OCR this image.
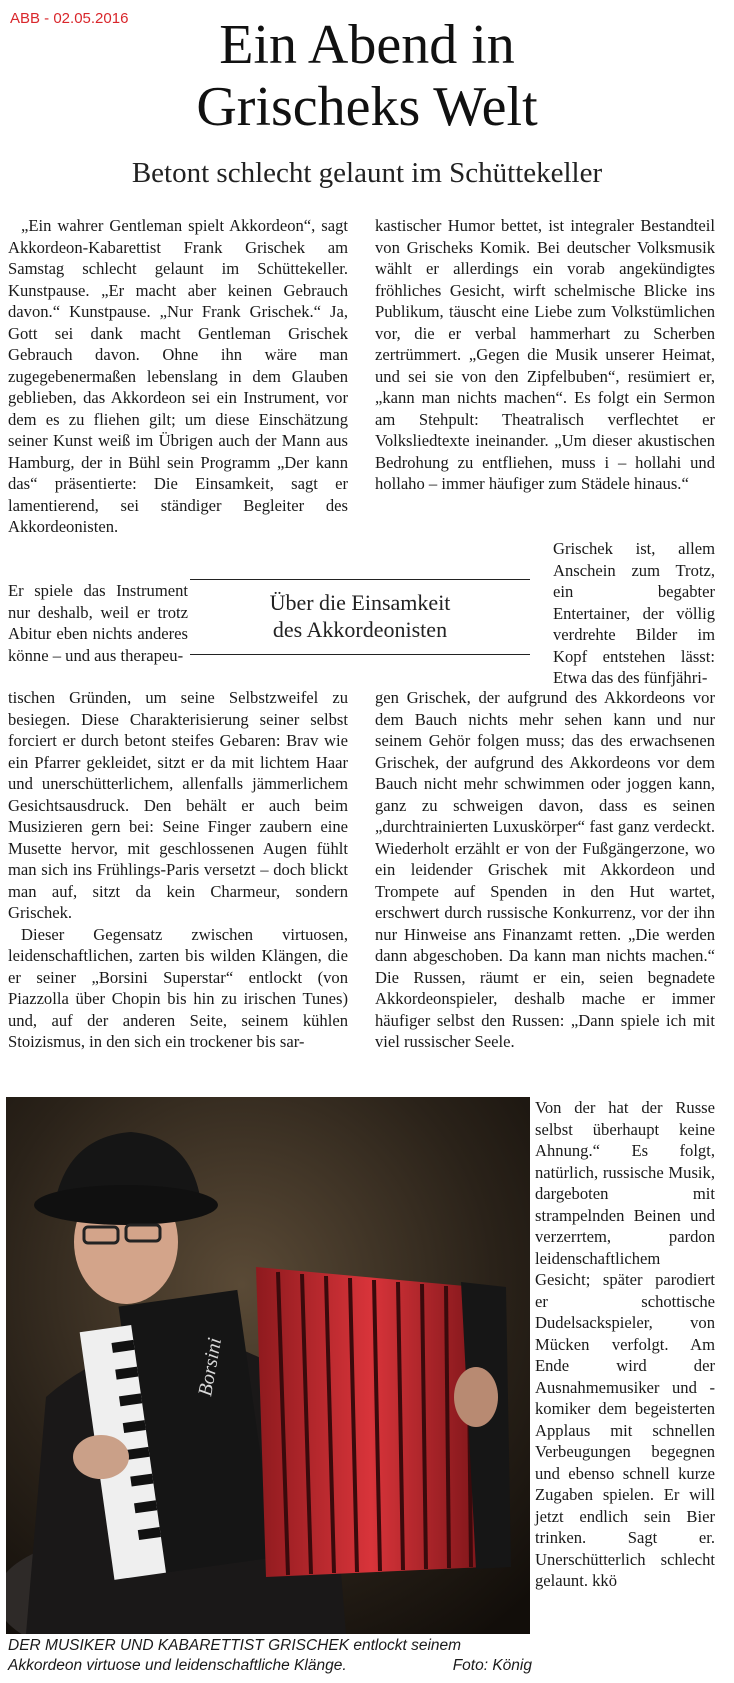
ABB - 02.05.2016	Ein Abend in
Grischeks Welt
Betont schlecht gelaunt im Schüttekeller

„Ein wahrer Gentleman spielt Akkordeon“, sagt Akkordeon-Kabarettist Frank Grischek am Samstag schlecht gelaunt im Schüttekeller. Kunstpause. „Er macht aber keinen Gebrauch davon.“ Kunstpause. „Nur Frank Grischek.“ Ja, Gott sei dank macht Gentleman Grischek Gebrauch davon. Ohne ihn wäre man zugegebenermaßen lebenslang in dem Glauben geblieben, das Akkordeon sei ein Instrument, vor dem es zu fliehen gilt; um diese Einschätzung seiner Kunst weiß im Übrigen auch der Mann aus Hamburg, der in Bühl sein Programm „Der kann das“ präsentierte: Die Einsamkeit, sagt er lamentierend, sei ständiger Begleiter des Akkordeonisten.

Er spiele das Instrument nur deshalb, weil er trotz Abitur eben nichts anderes könne – und aus therapeu-

Über die Einsamkeit
des Akkordeonisten

tischen Gründen, um seine Selbstzweifel zu besiegen. Diese Charakterisierung seiner selbst forciert er durch betont steifes Gebaren: Brav wie ein Pfarrer gekleidet, sitzt er da mit lichtem Haar und unerschütterlichem, allenfalls jämmerlichem Gesichtsausdruck. Den behält er auch beim Musizieren gern bei: Seine Finger zaubern eine Musette hervor, mit geschlossenen Augen fühlt man sich ins Frühlings-Paris versetzt – doch blickt man auf, sitzt da kein Charmeur, sondern Grischek.

Dieser Gegensatz zwischen virtuosen, leidenschaftlichen, zarten bis wilden Klängen, die er seiner „Borsini Superstar“ entlockt (von Piazzolla über Chopin bis hin zu irischen Tunes) und, auf der anderen Seite, seinem kühlen Stoizismus, in den sich ein trockener bis sar-

kastischer Humor bettet, ist integraler Bestandteil von Grischeks Komik. Bei deutscher Volksmusik wählt er allerdings ein vorab angekündigtes fröhliches Gesicht, wirft schelmische Blicke ins Publikum, täuscht eine Liebe zum Volkstümlichen vor, die er verbal hammerhart zu Scherben zertrümmert. „Gegen die Musik unserer Heimat, und sei sie von den Zipfelbuben“, resümiert er, „kann man nichts machen“. Es folgt ein Sermon am Stehpult: Theatralisch verflechtet er Volksliedtexte ineinander. „Um dieser akustischen Bedrohung zu entfliehen, muss i – hollahi und hollaho – immer häufiger zum Städele hinaus.“

Grischek ist, allem Anschein zum Trotz, ein begabter Entertainer, der völlig verdrehte Bilder im Kopf entstehen lässt: Etwa das des fünfjähri-

gen Grischek, der aufgrund des Akkordeons vor dem Bauch nichts mehr sehen kann und nur seinem Gehör folgen muss; das des erwachsenen Grischek, der aufgrund des Akkordeons vor dem Bauch nicht mehr schwimmen oder joggen kann, ganz zu schweigen davon, dass es seinen „durchtrainierten Luxuskörper“ fast ganz verdeckt. Wiederholt erzählt er von der Fußgängerzone, wo ein leidender Grischek mit Akkordeon und Trompete auf Spenden in den Hut wartet, erschwert durch russische Konkurrenz, vor der ihn nur Hinweise ans Finanzamt retten. „Die werden dann abgeschoben. Da kann man nichts machen.“ Die Russen, räumt er ein, seien begnadete Akkordeonspieler, deshalb mache er immer häufiger selbst den Russen: „Dann spiele ich mit viel russischer Seele.

Von der hat der Russe selbst überhaupt keine Ahnung.“ Es folgt, natürlich, russische Musik, dargeboten mit strampelnden Beinen und verzerrtem, pardon leidenschaftlichem Gesicht; später parodiert er schottische Dudelsackspieler, von Mücken verfolgt. Am Ende wird der Ausnahmemusiker und -komiker dem begeisterten Applaus mit schnellen Verbeugungen begegnen und ebenso schnell kurze Zugaben spielen. Er will jetzt endlich sein Bier trinken. Sagt er. Unerschütterlich schlecht gelaunt. kkö

Borsini
DER MUSIKER UND KABARETTIST GRISCHEK entlockt seinem Akkordeon virtuose und leidenschaftliche Klänge.	Foto: König
